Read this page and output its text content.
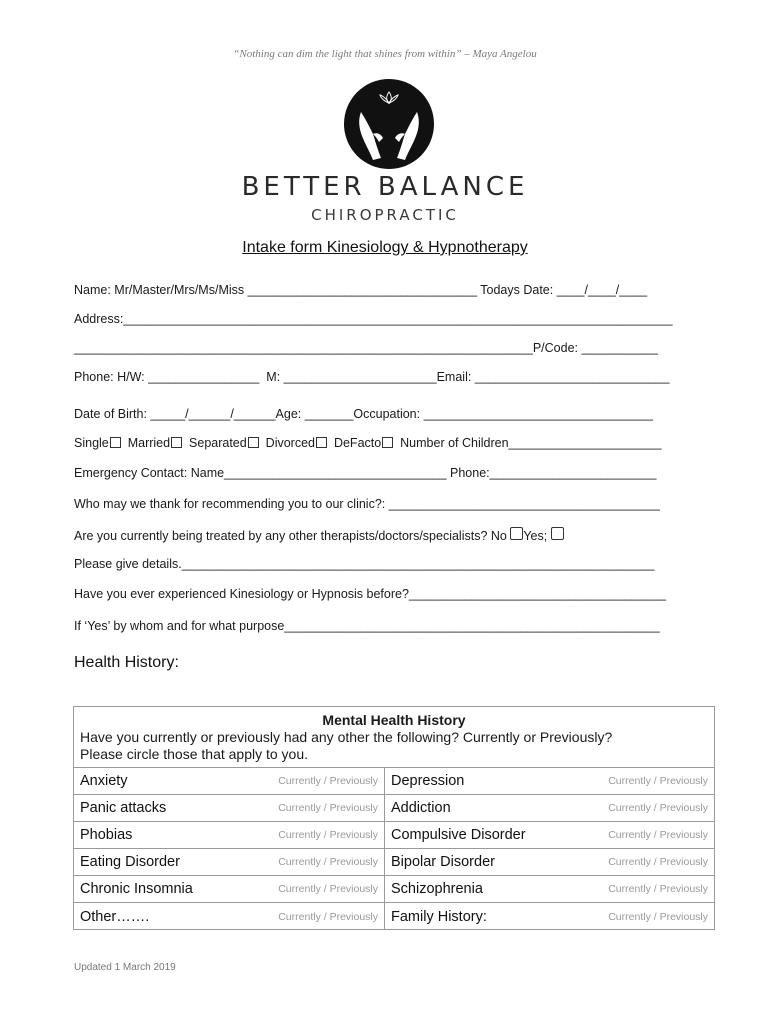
“Nothing can dim the light that shines from within” – Maya Angelou
BETTER BALANCE
CHIROPRACTIC
Intake form Kinesiology & Hypnotherapy
Name: Mr/Master/Mrs/Ms/Miss _________________________________ Todays Date: ____/____/____
Address:_______________________________________________________________________________
__________________________________________________________________P/Code: ___________
Phone: H/W: ________________  M: ______________________Email: ____________________________
Date of Birth: _____/______/______Age: _______Occupation: _________________________________
Single Married Separated Divorced DeFacto Number of Children______________________
Emergency Contact: Name________________________________ Phone:________________________
Who may we thank for recommending you to our clinic?: _______________________________________
Are you currently being treated by any other therapists/doctors/specialists? No Yes;
Please give details.____________________________________________________________________
Have you ever experienced Kinesiology or Hypnosis before?_____________________________________
If ‘Yes’ by whom and for what purpose______________________________________________________
Health History:
Mental Health History
Have you currently or previously had any other the following? Currently or Previously?
Please circle those that apply to you.
Anxiety	Currently / Previously Depression	Currently / Previously
Panic attacks	Currently / Previously Addiction	Currently / Previously
Phobias	Currently / Previously Compulsive Disorder	Currently / Previously
Eating Disorder	Currently / Previously Bipolar Disorder	Currently / Previously
Chronic Insomnia	Currently / Previously Schizophrenia	Currently / Previously
Other…….	Currently / Previously Family History:	Currently / Previously
Updated 1 March 2019
